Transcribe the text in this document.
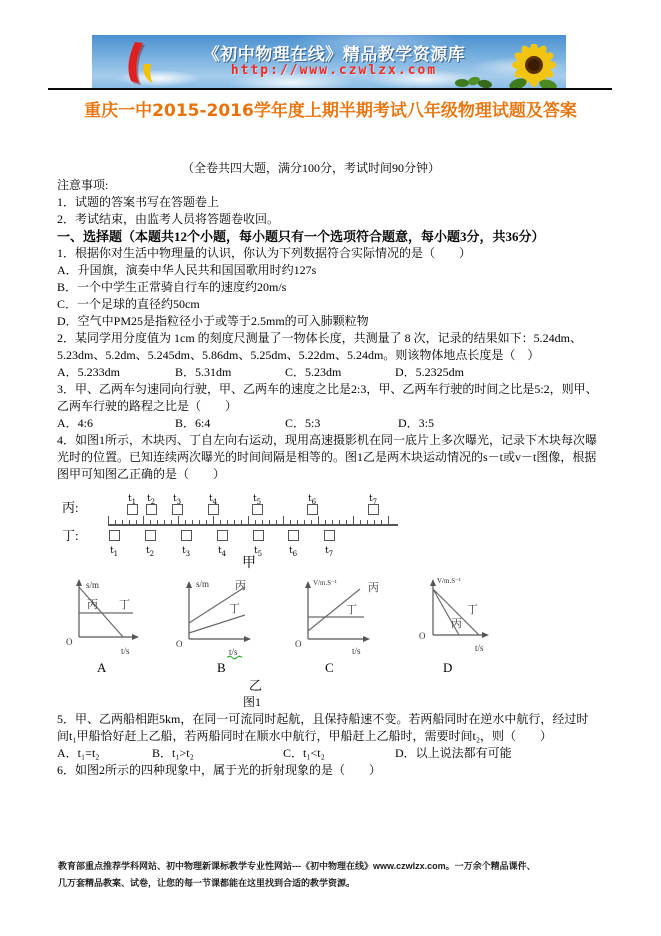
《初中物理在线》精品教学资源库
http://www.czwlzx.com
重庆一中2015-2016学年度上期半期考试八年级物理试题及答案
（全卷共四大题，满分100分，考试时间90分钟）
注意事项:
1．试题的答案书写在答题卷上
2．考试结束，由监考人员将答题卷收回。
一、选择题（本题共12个小题，每小题只有一个选项符合题意，每小题3分，共36分）
1．根据你对生活中物理量的认识，你认为下列数据符合实际情况的是（　　）
A．升国旗，演奏中华人民共和国国歌用时约127s
B．一个中学生正常骑自行车的速度约20m/s
C．一个足球的直径约50cm
D．空气中PM25是指粒径小于或等于2.5mm的可入肺颗粒物
2．某同学用分度值为 1cm 的刻度尺测量了一物体长度，共测量了 8 次，记录的结果如下：5.24dm、
5.23dm、5.2dm、5.245dm、5.86dm、5.25dm、5.22dm、5.24dm。则该物体地点长度是（　）
A．5.233dm	B．5.31dm	C．5.23dm	D．5.2325dm
3．甲、乙两车匀速同向行驶，甲、乙两车的速度之比是2:3，甲、乙两车行驶的时间之比是5:2，则甲、
乙两车行驶的路程之比是（　　）
A．4:6	B．6:4	C．5:3	D．3:5
4．如图1所示，木块丙、丁自左向右运动，现用高速摄影机在同一底片上多次曝光，记录下木块每次曝
光时的位置。已知连续两次曝光的时间间隔是相等的。图1乙是两木块运动情况的s－t或v－t图像，根据
图甲可知图乙正确的是（　　）
丙:
丁:
甲
$t_1$	$t_2$	$t_3$	$t_4$	$t_5$	$t_6$	$t_7$
$t_1$	$t_2$	$t_3$	$t_4$	$t_5$	$t_6$	$t_7$
s/m
O
t/s
丙 丁
s/m
O
t/s
丙
丁
V/m.S⁻¹
O
t/s
丙
丁
V/m.S⁻¹
O
t/s
丙
丁
A	B	C	D
乙
图1
5．甲、乙两船相距5km，在同一可流同时起航，且保持船速不变。若两船同时在逆水中航行，经过时
间t₁甲船恰好赶上乙船，若两船同时在顺水中航行，甲船赶上乙船时，需要时间t₂，则（　　）
A．t₁=t₂	B．t₁>t₂	C．t₁<t₂	D．以上说法都有可能
6．如图2所示的四种现象中，属于光的折射现象的是（　　）
教育部重点推荐学科网站、初中物理新课标教学专业性网站---《初中物理在线》www.czwlzx.com。一万余个精品课件、
几万套精品教案、试卷，让您的每一节课都能在这里找到合适的教学资源。
